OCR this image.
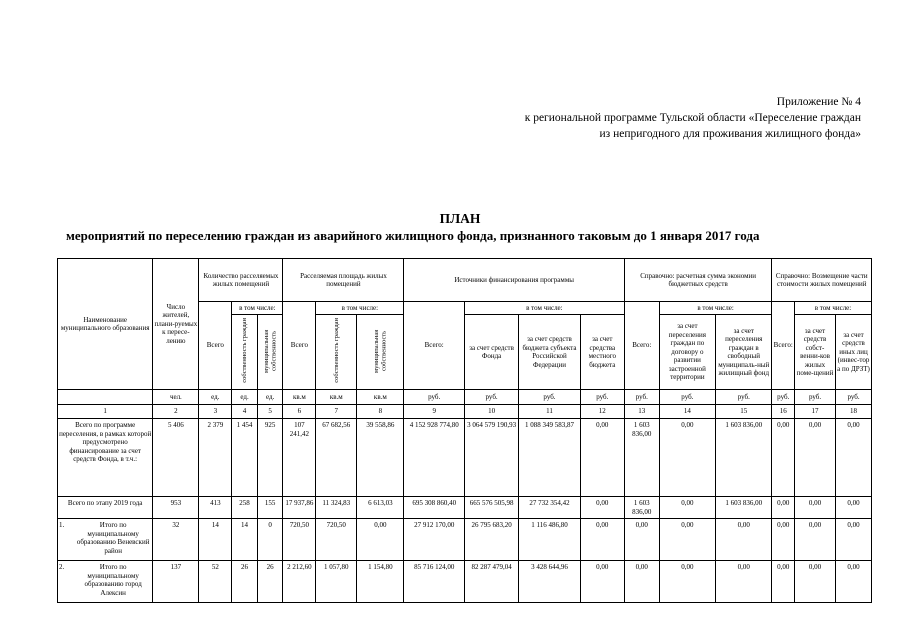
Приложение № 4
к региональной программе Тульской области «Переселение граждан
из непригодного для проживания жилищного фонда»
ПЛАН
мероприятий по переселению граждан из аварийного жилищного фонда, признанного таковым до 1 января 2017 года
Наименование муниципального образования	Число жителей, плани-руемых к пересе-лению	Количество расселяемых жилых помещений			Расселяемая площадь жилых помещений			Источники финансирования программы				Справочно: расчетная сумма экономии бюджетных средств			Справочно: Возмещение части стоимости жилых помещений		
		Всего	в том числе:		Всего	в том числе:		Всего:	в том числе:			Всего:	в том числе:		Всего:	в том числе:	
			собственность граждан	муниципальная собственность		собственность граждан	муниципальная собственность		за счет средств Фонда	за счет средств бюджета субъекта Российской Федерации	за счет средства местного бюджета		за счет переселения граждан по договору о развитии застроенной территории	за счет переселения граждан в свободный муниципаль-ный жилищный фонд		за счет средств собст-венни-ков жилых поме-щений	за счет средств иных лиц (инвес-тор а по ДРЗТ)
	чел.	ед.	ед.	ед.	кв.м	кв.м	кв.м	руб.	руб.	руб.	руб.	руб.	руб.	руб.	руб.	руб.	руб.
1	2	3	4	5	6	7	8	9	10	11	12	13	14	15	16	17	18
Всего по программе переселения, в рамках которой предусмотрено финансирование за счет средств Фонда, в т.ч.:	5 406	2 379	1 454	925	107 241,42	67 682,56	39 558,86	4 152 928 774,80	3 064 579 190,93	1 088 349 583,87	0,00	1 603 836,00	0,00	1 603 836,00	0,00	0,00	0,00
Всего по этапу 2019 года	953	413	258	155	17 937,86	11 324,83	6 613,03	695 308 860,40	665 576 505,98	27 732 354,42	0,00	1 603 836,00	0,00	1 603 836,00	0,00	0,00	0,00

1. Итого по муниципальному образованию Веневский район	32	14	14	0	720,50	720,50	0,00	27 912 170,00	26 795 683,20	1 116 486,80	0,00	0,00	0,00	0,00	0,00	0,00	0,00

2. Итого по муниципальному образованию город Алексин	137	52	26	26	2 212,60	1 057,80	1 154,80	85 716 124,00	82 287 479,04	3 428 644,96	0,00	0,00	0,00	0,00	0,00	0,00	0,00
